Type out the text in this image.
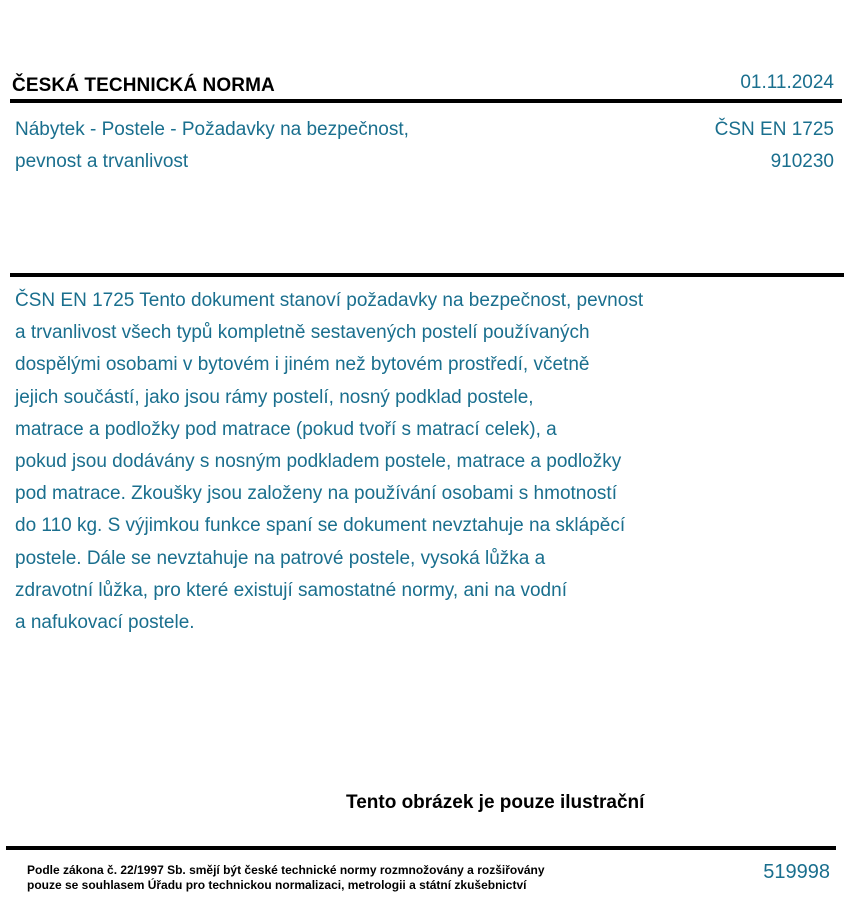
ČESKÁ TECHNICKÁ NORMA	01.11.2024
Nábytek - Postele - Požadavky na bezpečnost,
pevnost a trvanlivost
ČSN EN 1725
910230
ČSN EN 1725 Tento dokument stanoví požadavky na bezpečnost, pevnost
a trvanlivost všech typů kompletně sestavených postelí používaných
dospělými osobami v bytovém i jiném než bytovém prostředí, včetně
jejich součástí, jako jsou rámy postelí, nosný podklad postele,
matrace a podložky pod matrace (pokud tvoří s matrací celek), a
pokud jsou dodávány s nosným podkladem postele, matrace a podložky
pod matrace. Zkoušky jsou založeny na používání osobami s hmotností
do 110 kg. S výjimkou funkce spaní se dokument nevztahuje na sklápěcí
postele. Dále se nevztahuje na patrové postele, vysoká lůžka a
zdravotní lůžka, pro které existují samostatné normy, ani na vodní
a nafukovací postele.
Tento obrázek je pouze ilustrační
Podle zákona č. 22/1997 Sb. smějí být české technické normy rozmnožovány a rozšiřovány
pouze se souhlasem Úřadu pro technickou normalizaci, metrologii a státní zkušebnictví
519998
